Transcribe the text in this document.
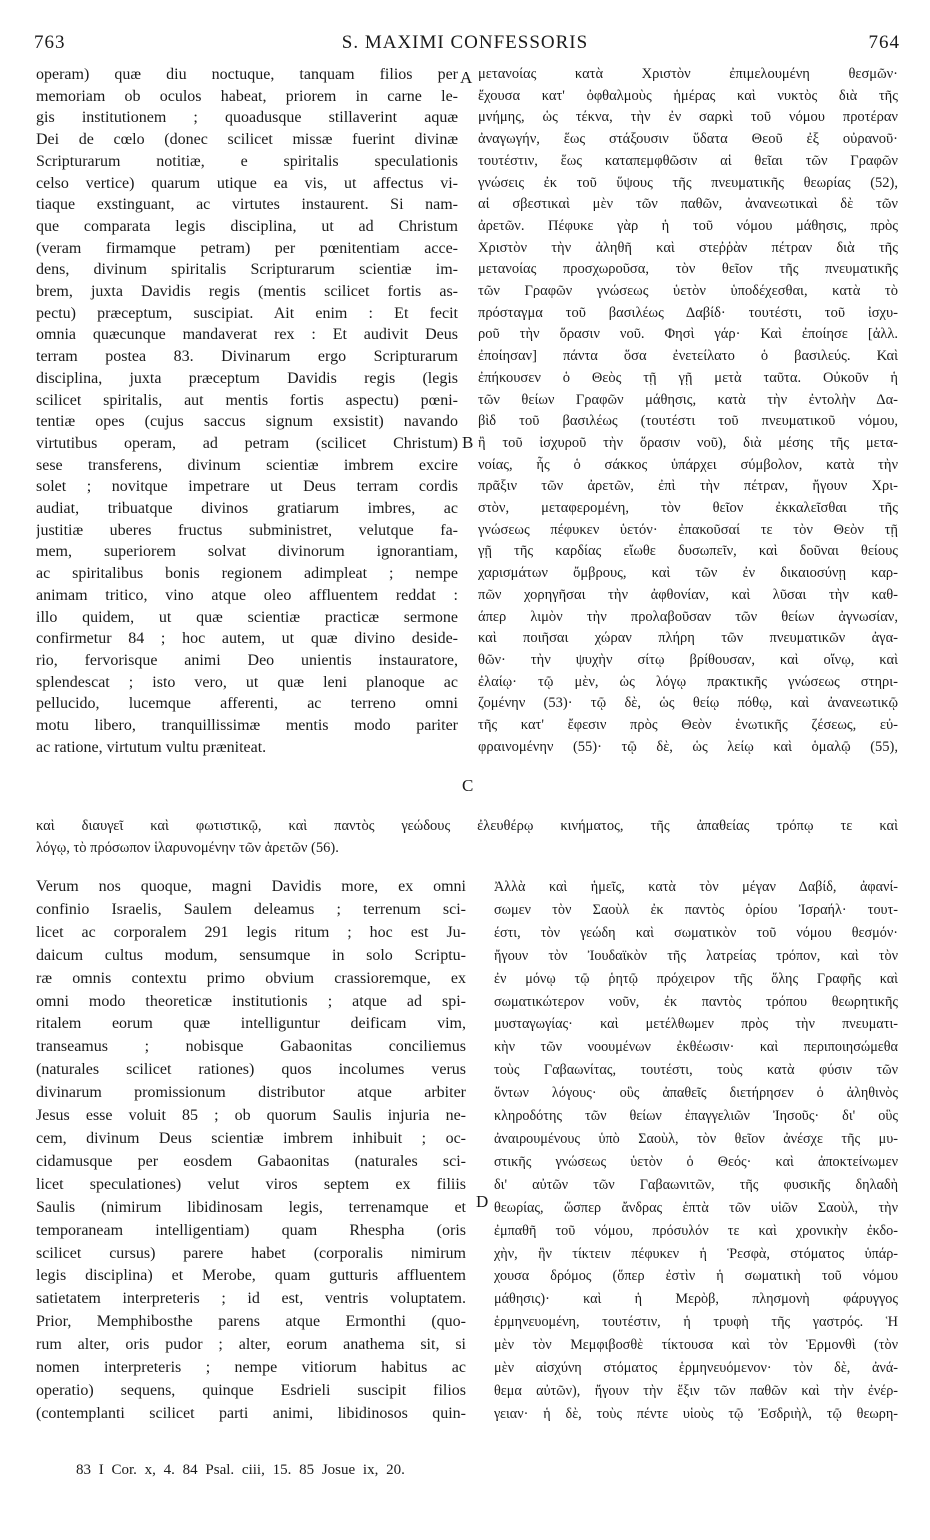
763	S. MAXIMI CONFESSORIS	764
A
B
C
D
operam) quæ diu noctuque, tanquam filios per
memoriam ob oculos habeat, priorem in carne le-
gis institutionem ; quoadusque stillaverint aquæ
Dei de cœlo (donec scilicet missæ fuerint divinæ
Scripturarum notitiæ, e spiritalis speculationis
celso vertice) quarum utique ea vis, ut affectus vi-
tiaque exstinguant, ac virtutes instaurent. Si nam-
que comparata legis disciplina, ut ad Christum
(veram firmamque petram) per pœnitentiam acce-
dens, divinum spiritalis Scripturarum scientiæ im-
brem, juxta Davidis regis (mentis scilicet fortis as-
pectu) præceptum, suscipiat. Ait enim : Et fecit
omnia quæcunque mandaverat rex : Et audivit Deus
terram postea 83. Divinarum ergo Scripturarum
disciplina, juxta præceptum Davidis regis (legis
scilicet spiritalis, aut mentis fortis aspectu) pœni-
tentiæ opes (cujus saccus signum exsistit) navando
virtutibus operam, ad petram (scilicet Christum)
sese transferens, divinum scientiæ imbrem excire
solet ; novitque impetrare ut Deus terram cordis
audiat, tribuatque divinos gratiarum imbres, ac
justitiæ uberes fructus subministret, velutque fa-
mem, superiorem solvat divinorum ignorantiam,
ac spiritalibus bonis regionem adimpleat ; nempe
animam tritico, vino atque oleo affluentem reddat :
illo quidem, ut quæ scientiæ practicæ sermone
confirmetur 84 ; hoc autem, ut quæ divino deside-
rio, fervorisque animi Deo unientis instauratore,
splendescat ; isto vero, ut quæ leni planoque ac
pellucido, lucemque afferenti, ac terreno omni
motu libero, tranquillissimæ mentis modo pariter
ac ratione, virtutum vultu præniteat.
μετανοίας κατὰ Χριστὸν ἐπιμελουμένη θεσμῶν·
ἔχουσα κατ' ὀφθαλμοὺς ἡμέρας καὶ νυκτὸς διὰ τῆς
μνήμης, ὡς τέκνα, τὴν ἐν σαρκὶ τοῦ νόμου προτέραν
ἀναγωγήν, ἕως στάξουσιν ὕδατα Θεοῦ ἐξ οὐρανοῦ·
τουτέστιν, ἕως καταπεμφθῶσιν αἱ θεῖαι τῶν Γραφῶν
γνώσεις ἐκ τοῦ ὕψους τῆς πνευματικῆς θεωρίας (52),
αἱ σβεστικαὶ μὲν τῶν παθῶν, ἀνανεωτικαὶ δὲ τῶν
ἀρετῶν. Πέφυκε γὰρ ἡ τοῦ νόμου μάθησις, πρὸς
Χριστὸν τὴν ἀληθῆ καὶ στεῤῥὰν πέτραν διὰ τῆς
μετανοίας προσχωροῦσα, τὸν θεῖον τῆς πνευματικῆς
τῶν Γραφῶν γνώσεως ὑετὸν ὑποδέχεσθαι, κατὰ τὸ
πρόσταγμα τοῦ βασιλέως Δαβίδ· τουτέστι, τοῦ ἰσχυ-
ροῦ τὴν ὅρασιν νοῦ. Φησὶ γάρ· Καὶ ἐποίησε [ἀλλ.
ἐποίησαν] πάντα ὅσα ἐνετείλατο ὁ βασιλεύς. Καὶ
ἐπήκουσεν ὁ Θεὸς τῇ γῇ μετὰ ταῦτα. Οὐκοῦν ἡ
τῶν θείων Γραφῶν μάθησις, κατὰ τὴν ἐντολὴν Δα-
βὶδ τοῦ βασιλέως (τουτέστι τοῦ πνευματικοῦ νόμου,
ἢ τοῦ ἰσχυροῦ τὴν ὅρασιν νοῦ), διὰ μέσης τῆς μετα-
νοίας, ἧς ὁ σάκκος ὑπάρχει σύμβολον, κατὰ τὴν
πρᾶξιν τῶν ἀρετῶν, ἐπὶ τὴν πέτραν, ἤγουν Χρι-
στὸν, μεταφερομένη, τὸν θεῖον ἐκκαλεῖσθαι τῆς
γνώσεως πέφυκεν ὑετόν· ἐπακοῦσαί τε τὸν Θεὸν τῇ
γῇ τῆς καρδίας εἴωθε δυσωπεῖν, καὶ δοῦναι θείους
χαρισμάτων ὄμβρους, καὶ τῶν ἐν δικαιοσύνῃ καρ-
πῶν χορηγῆσαι τὴν ἀφθονίαν, καὶ λῦσαι τὴν καθ-
άπερ λιμὸν τὴν προλαβοῦσαν τῶν θείων ἀγνωσίαν,
καὶ ποιῆσαι χώραν πλήρη τῶν πνευματικῶν ἀγα-
θῶν· τὴν ψυχὴν σίτῳ βρίθουσαν, καὶ οἴνῳ, καὶ
ἐλαίῳ· τῷ μὲν, ὡς λόγῳ πρακτικῆς γνώσεως στηρι-
ζομένην (53)· τῷ δὲ, ὡς θείῳ πόθῳ, καὶ ἀνανεωτικῷ
τῆς κατ' ἔφεσιν πρὸς Θεὸν ἑνωτικῆς ζέσεως, εὐ-
φραινομένην (55)· τῷ δὲ, ὡς λείῳ καὶ ὁμαλῷ (55),
καὶ διαυγεῖ καὶ φωτιστικῷ, καὶ παντὸς γεώδους ἐλευθέρῳ κινήματος, τῆς ἀπαθείας τρόπῳ τε καὶ
λόγῳ, τὸ πρόσωπον ἱλαρυνομένην τῶν ἀρετῶν (56).
Verum nos quoque, magni Davidis more, ex omni
confinio Israelis, Saulem deleamus ; terrenum sci-
licet ac corporalem 291 legis ritum ; hoc est Ju-
daicum cultus modum, sensumque in solo Scriptu-
ræ omnis contextu primo obvium crassioremque, ex
omni modo theoreticæ institutionis ; atque ad spi-
ritalem eorum quæ intelliguntur deificam vim,
transeamus ; nobisque Gabaonitas conciliemus
(naturales scilicet rationes) quos incolumes verus
divinarum promissionum distributor atque arbiter
Jesus esse voluit 85 ; ob quorum Saulis injuria ne-
cem, divinum Deus scientiæ imbrem inhibuit ; oc-
cidamusque per eosdem Gabaonitas (naturales sci-
licet speculationes) velut viros septem ex filiis
Saulis (nimirum libidinosam legis, terrenamque et
temporaneam intelligentiam) quam Rhespha (oris
scilicet cursus) parere habet (corporalis nimirum
legis disciplina) et Merobe, quam gutturis affluentem
satietatem interpreteris ; id est, ventris voluptatem.
Prior, Memphibosthe parens atque Ermonthi (quo-
rum alter, oris pudor ; alter, eorum anathema sit, si
nomen interpreteris ; nempe vitiorum habitus ac
operatio) sequens, quinque Esdrieli suscipit filios
(contemplanti scilicet parti animi, libidinosos quin-
Ἀλλὰ καὶ ἡμεῖς, κατὰ τὸν μέγαν Δαβίδ, ἀφανί-
σωμεν τὸν Σαοὺλ ἐκ παντὸς ὁρίου Ἰσραήλ· τουτ-
έστι, τὸν γεώδη καὶ σωματικὸν τοῦ νόμου θεσμόν·
ἤγουν τὸν Ἰουδαϊκὸν τῆς λατρείας τρόπον, καὶ τὸν
ἐν μόνῳ τῷ ῥητῷ πρόχειρον τῆς ὅλης Γραφῆς καὶ
σωματικώτερον νοῦν, ἐκ παντὸς τρόπου θεωρητικῆς
μυσταγωγίας· καὶ μετέλθωμεν πρὸς τὴν πνευματι-
κὴν τῶν νοουμένων ἐκθέωσιν· καὶ περιποιησώμεθα
τοὺς Γαβαωνίτας, τουτέστι, τοὺς κατὰ φύσιν τῶν
ὄντων λόγους· οὓς ἀπαθεῖς διετήρησεν ὁ ἀληθινὸς
κληροδότης τῶν θείων ἐπαγγελιῶν Ἰησοῦς· δι' οὓς
ἀναιρουμένους ὑπὸ Σαοὺλ, τὸν θεῖον ἀνέσχε τῆς μυ-
στικῆς γνώσεως ὑετὸν ὁ Θεός· καὶ ἀποκτείνωμεν
δι' αὐτῶν τῶν Γαβαωνιτῶν, τῆς φυσικῆς δηλαδὴ
θεωρίας, ὥσπερ ἄνδρας ἑπτὰ τῶν υἱῶν Σαοὺλ, τὴν
ἐμπαθῆ τοῦ νόμου, πρόσυλόν τε καὶ χρονικὴν ἐκδο-
χὴν, ἣν τίκτειν πέφυκεν ἡ Ῥεσφὰ, στόματος ὑπάρ-
χουσα δρόμος (ὅπερ ἐστὶν ἡ σωματικὴ τοῦ νόμου
μάθησις)· καὶ ἡ Μερὸβ, πλησμονὴ φάρυγγος
ἑρμηνευομένη, τουτέστιν, ἡ τρυφὴ τῆς γαστρός. Ἡ
μὲν τὸν Μεμφιβοσθὲ τίκτουσα καὶ τὸν Ἑρμονθὶ (τὸν
μὲν αἰσχύνη στόματος ἑρμηνευόμενον· τὸν δὲ, ἀνά-
θεμα αὐτῶν), ἤγουν τὴν ἕξιν τῶν παθῶν καὶ τὴν ἐνέρ-
γειαν· ἡ δὲ, τοὺς πέντε υἱοὺς τῷ Ἐσδριὴλ, τῷ θεωρη-
83 I Cor. x, 4. 84 Psal. ciii, 15. 85 Josue ix, 20.
